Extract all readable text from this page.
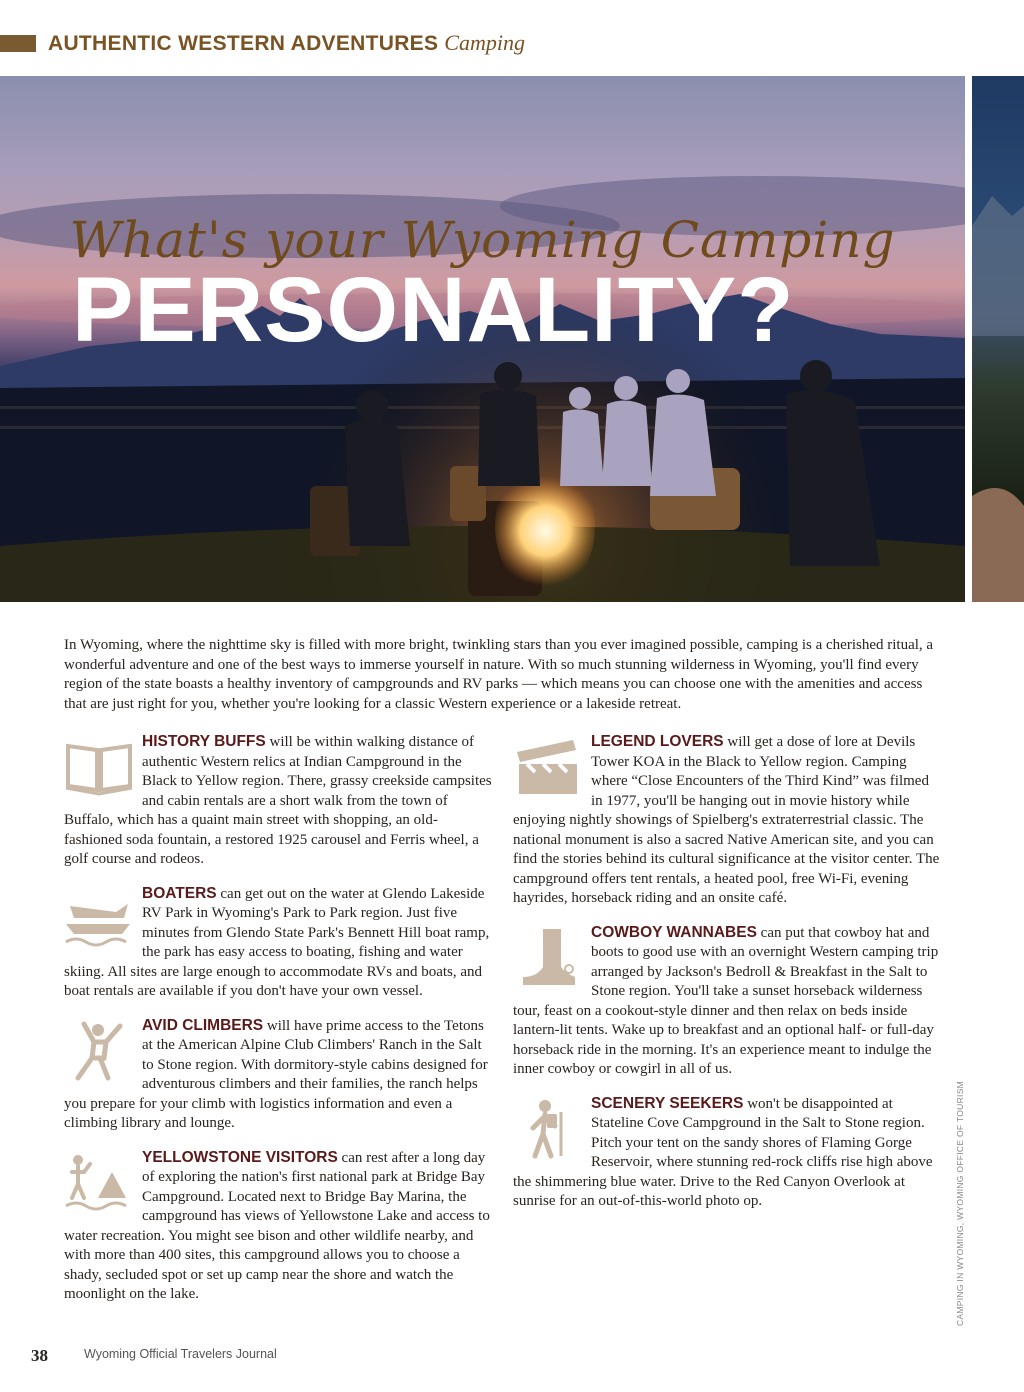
AUTHENTIC WESTERN ADVENTURES Camping
What's your Wyoming Camping
PERSONALITY?

In Wyoming, where the nighttime sky is filled with more bright, twinkling stars than you ever imagined possible, camping is a cherished ritual, a wonderful adventure and one of the best ways to immerse yourself in nature. With so much stunning wilderness in Wyoming, you'll find every region of the state boasts a healthy inventory of campgrounds and RV parks — which means you can choose one with the amenities and access that are just right for you, whether you're looking for a classic Western experience or a lakeside retreat.

HISTORY BUFFS will be within walking distance of authentic Western relics at Indian Campground in the Black to Yellow region. There, grassy creekside campsites and cabin rentals are a short walk from the town of Buffalo, which has a quaint main street with shopping, an old-fashioned soda fountain, a restored 1925 carousel and Ferris wheel, a golf course and rodeos.

BOATERS can get out on the water at Glendo Lakeside RV Park in Wyoming's Park to Park region. Just five minutes from Glendo State Park's Bennett Hill boat ramp, the park has easy access to boating, fishing and water skiing. All sites are large enough to accommodate RVs and boats, and boat rentals are available if you don't have your own vessel.

AVID CLIMBERS will have prime access to the Tetons at the American Alpine Club Climbers' Ranch in the Salt to Stone region. With dormitory-style cabins designed for adventurous climbers and their families, the ranch helps you prepare for your climb with logistics information and even a climbing library and lounge.

YELLOWSTONE VISITORS can rest after a long day of exploring the nation's first national park at Bridge Bay Campground. Located next to Bridge Bay Marina, the campground has views of Yellowstone Lake and access to water recreation. You might see bison and other wildlife nearby, and with more than 400 sites, this campground allows you to choose a shady, secluded spot or set up camp near the shore and watch the moonlight on the lake.

LEGEND LOVERS will get a dose of lore at Devils Tower KOA in the Black to Yellow region. Camping where “Close Encounters of the Third Kind” was filmed in 1977, you'll be hanging out in movie history while enjoying nightly showings of Spielberg's extraterrestrial classic. The national monument is also a sacred Native American site, and you can find the stories behind its cultural significance at the visitor center. The campground offers tent rentals, a heated pool, free Wi-Fi, evening hayrides, horseback riding and an onsite café.

COWBOY WANNABES can put that cowboy hat and boots to good use with an overnight Western camping trip arranged by Jackson's Bedroll & Breakfast in the Salt to Stone region. You'll take a sunset horseback wilderness tour, feast on a cookout-style dinner and then relax on beds inside lantern-lit tents. Wake up to breakfast and an optional half- or full-day horseback ride in the morning. It's an experience meant to indulge the inner cowboy or cowgirl in all of us.

SCENERY SEEKERS won't be disappointed at Stateline Cove Campground in the Salt to Stone region. Pitch your tent on the sandy shores of Flaming Gorge Reservoir, where stunning red-rock cliffs rise high above the shimmering blue water. Drive to the Red Canyon Overlook at sunrise for an out-of-this-world photo op.

38	Wyoming Official Travelers Journal
CAMPING IN WYOMING, WYOMING OFFICE OF TOURISM
